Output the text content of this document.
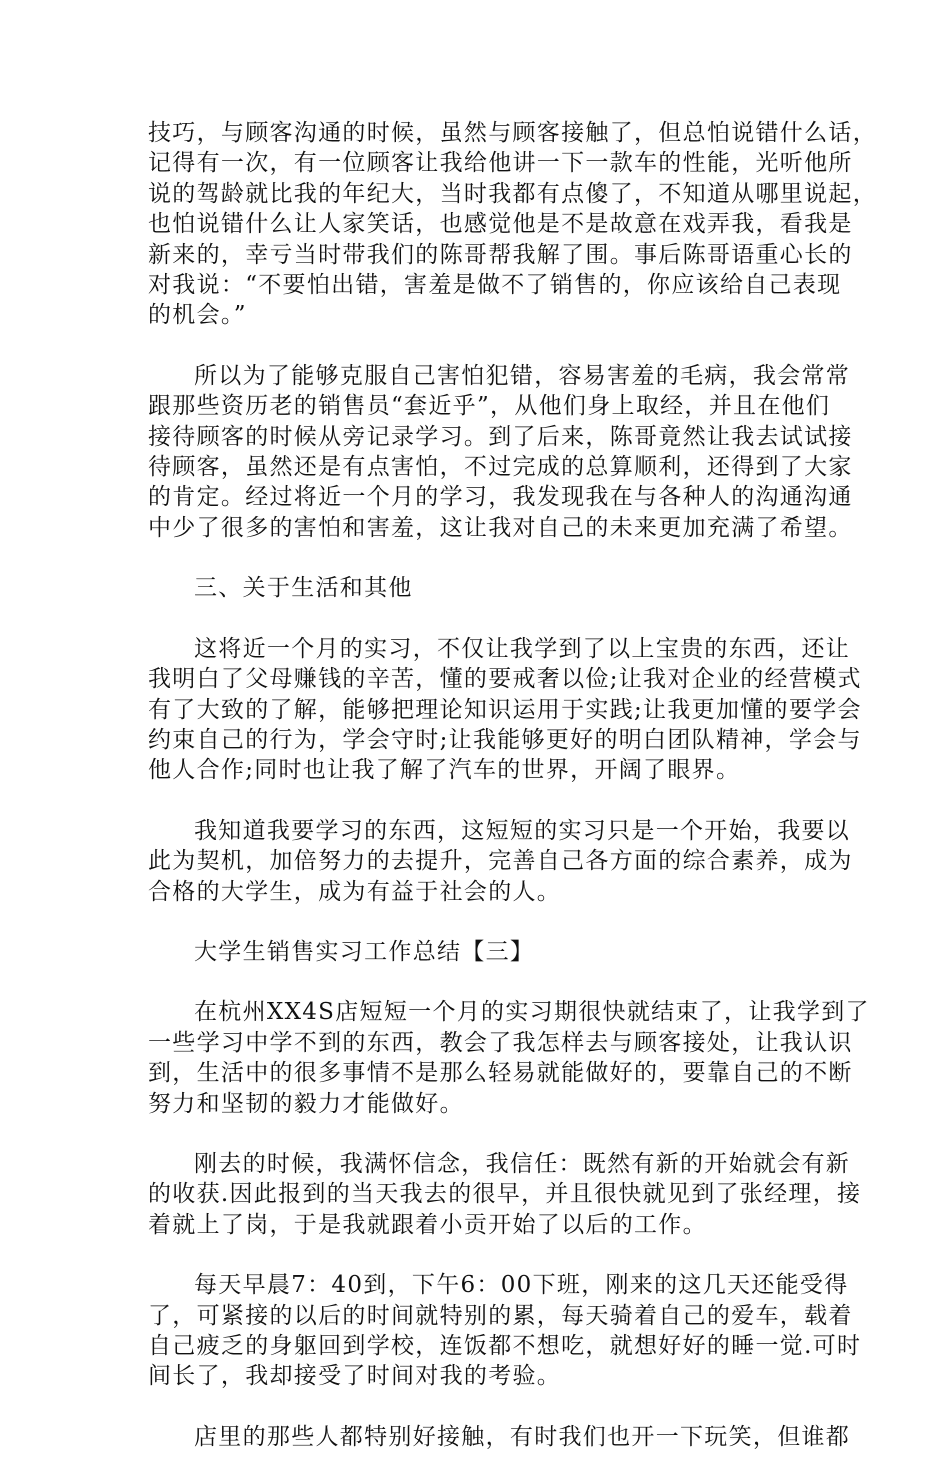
技巧，与顾客沟通的时候，虽然与顾客接触了，但总怕说错什么话，
记得有一次，有一位顾客让我给他讲一下一款车的性能，光听他所
说的驾龄就比我的年纪大，当时我都有点傻了，不知道从哪里说起，
也怕说错什么让人家笑话，也感觉他是不是故意在戏弄我，看我是
新来的，幸亏当时带我们的陈哥帮我解了围。事后陈哥语重心长的
对我说：“不要怕出错，害羞是做不了销售的，你应该给自己表现
的机会。”
所以为了能够克服自己害怕犯错，容易害羞的毛病，我会常常
跟那些资历老的销售员“套近乎”，从他们身上取经，并且在他们
接待顾客的时候从旁记录学习。到了后来，陈哥竟然让我去试试接
待顾客，虽然还是有点害怕，不过完成的总算顺利，还得到了大家
的肯定。经过将近一个月的学习，我发现我在与各种人的沟通沟通
中少了很多的害怕和害羞，这让我对自己的未来更加充满了希望。
三、关于生活和其他
这将近一个月的实习，不仅让我学到了以上宝贵的东西，还让
我明白了父母赚钱的辛苦，懂的要戒奢以俭;让我对企业的经营模式
有了大致的了解，能够把理论知识运用于实践;让我更加懂的要学会
约束自己的行为，学会守时;让我能够更好的明白团队精神，学会与
他人合作;同时也让我了解了汽车的世界，开阔了眼界。
我知道我要学习的东西，这短短的实习只是一个开始，我要以
此为契机，加倍努力的去提升，完善自己各方面的综合素养，成为
合格的大学生，成为有益于社会的人。
大学生销售实习工作总结【三】
在杭州XX4S店短短一个月的实习期很快就结束了，让我学到了
一些学习中学不到的东西，教会了我怎样去与顾客接处，让我认识
到，生活中的很多事情不是那么轻易就能做好的，要靠自己的不断
努力和坚韧的毅力才能做好。
刚去的时候，我满怀信念，我信任：既然有新的开始就会有新
的收获.因此报到的当天我去的很早，并且很快就见到了张经理，接
着就上了岗，于是我就跟着小贡开始了以后的工作。
每天早晨7：40到，下午6：00下班，刚来的这几天还能受得
了，可紧接的以后的时间就特别的累，每天骑着自己的爱车，载着
自己疲乏的身躯回到学校，连饭都不想吃，就想好好的睡一觉.可时
间长了，我却接受了时间对我的考验。
店里的那些人都特别好接触，有时我们也开一下玩笑，但谁都
